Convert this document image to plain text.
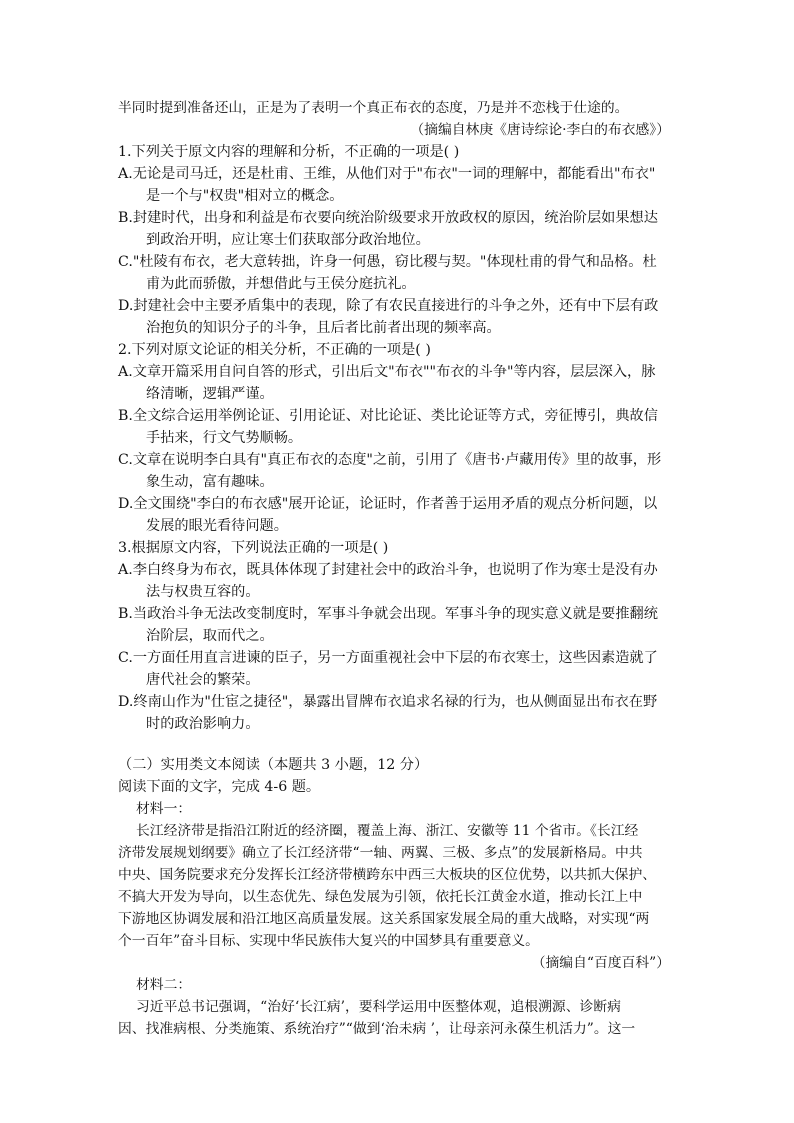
半同时提到准备还山，正是为了表明一个真正布衣的态度，乃是并不恋栈于仕途的。
（摘编自林庚《唐诗综论·李白的布衣感》）
1.下列关于原文内容的理解和分析，不正确的一项是( )
A.无论是司马迁，还是杜甫、王维，从他们对于"布衣"一词的理解中，都能看出"布衣"
是一个与"权贵"相对立的概念。
B.封建时代，出身和利益是布衣要向统治阶级要求开放政权的原因，统治阶层如果想达
到政治开明，应让寒士们获取部分政治地位。
C."杜陵有布衣，老大意转拙，许身一何愚，窃比稷与契。"体现杜甫的骨气和品格。杜
甫为此而骄傲，并想借此与王侯分庭抗礼。
D.封建社会中主要矛盾集中的表现，除了有农民直接进行的斗争之外，还有中下层有政
治抱负的知识分子的斗争，且后者比前者出现的频率高。
2.下列对原文论证的相关分析，不正确的一项是( )
A.文章开篇采用自问自答的形式，引出后文"布衣""布衣的斗争"等内容，层层深入，脉
络清晰，逻辑严谨。
B.全文综合运用举例论证、引用论证、对比论证、类比论证等方式，旁征博引，典故信
手拈来，行文气势顺畅。
C.文章在说明李白具有"真正布衣的态度"之前，引用了《唐书·卢藏用传》里的故事，形
象生动，富有趣味。
D.全文围绕"李白的布衣感"展开论证，论证时，作者善于运用矛盾的观点分析问题，以
发展的眼光看待问题。
3.根据原文内容，下列说法正确的一项是( )
A.李白终身为布衣，既具体体现了封建社会中的政治斗争，也说明了作为寒士是没有办
法与权贵互容的。
B.当政治斗争无法改变制度时，军事斗争就会出现。军事斗争的现实意义就是要推翻统
治阶层，取而代之。
C.一方面任用直言进谏的臣子，另一方面重视社会中下层的布衣寒士，这些因素造就了
唐代社会的繁荣。
D.终南山作为"仕宦之捷径"，暴露出冒牌布衣追求名禄的行为，也从侧面显出布衣在野
时的政治影响力。
（二）实用类文本阅读（本题共 3 小题，12 分）
阅读下面的文字，完成 4-6 题。
材料一：
长江经济带是指沿江附近的经济圈，覆盖上海、浙江、安徽等 11 个省市。《长江经
济带发展规划纲要》确立了长江经济带“一轴、两翼、三极、多点”的发展新格局。中共
中央、国务院要求充分发挥长江经济带横跨东中西三大板块的区位优势，以共抓大保护、
不搞大开发为导向，以生态优先、绿色发展为引领，依托长江黄金水道，推动长江上中
下游地区协调发展和沿江地区高质量发展。这关系国家发展全局的重大战略，对实现“两
个一百年”奋斗目标、实现中华民族伟大复兴的中国梦具有重要意义。
（摘编自“百度百科”）
材料二：
习近平总书记强调，“治好‘长江病’，要科学运用中医整体观，追根溯源、诊断病
因、找准病根、分类施策、系统治疗”“做到‘治未病 ’，让母亲河永葆生机活力”。这一
